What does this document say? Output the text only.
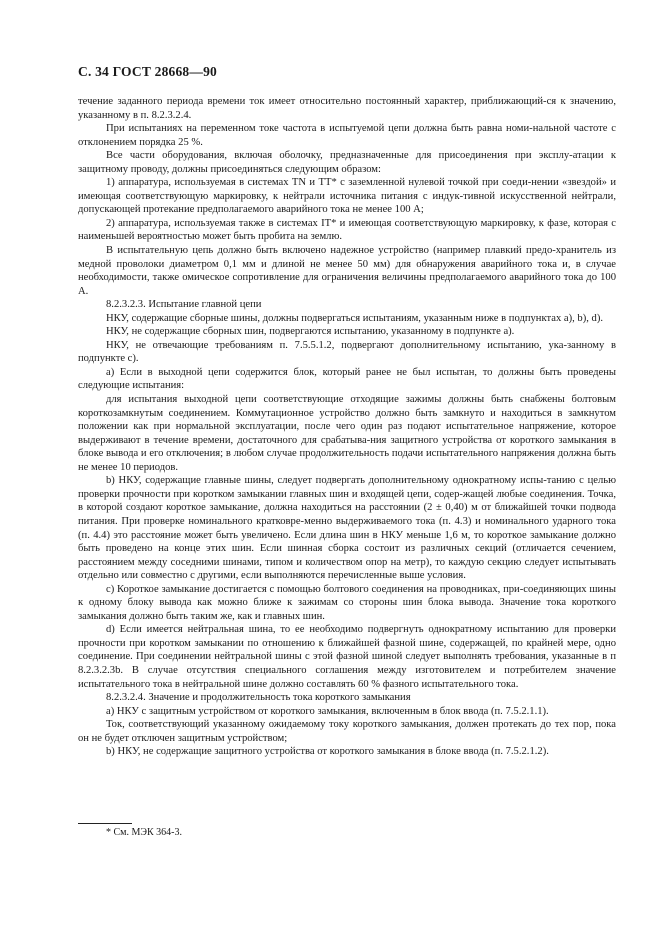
С. 34 ГОСТ 28668—90

течение заданного периода времени ток имеет относительно постоянный характер, приближающий-ся к значению, указанному в п. 8.2.3.2.4.

При испытаниях на переменном токе частота в испытуемой цепи должна быть равна номи-нальной частоте с отклонением порядка 25 %.

Все части оборудования, включая оболочку, предназначенные для присоединения при эксплу-атации к защитному проводу, должны присоединяться следующим образом:

1) аппаратура, используемая в системах TN и TT* с заземленной нулевой точкой при соеди-нении «звездой» и имеющая соответствующую маркировку, к нейтрали источника питания с индук-тивной искусственной нейтрали, допускающей протекание предполагаемого аварийного тока не менее 100 А;

2) аппаратура, используемая также в системах IT* и имеющая соответствующую маркировку, к фазе, которая с наименьшей вероятностью может быть пробита на землю.

В испытательную цепь должно быть включено надежное устройство (например плавкий предо-хранитель из медной проволоки диаметром 0,1 мм и длиной не менее 50 мм) для обнаружения аварийного тока и, в случае необходимости, также омическое сопротивление для ограничения величины предполагаемого аварийного тока до 100 А.

8.2.3.2.3. Испытание главной цепи

НКУ, содержащие сборные шины, должны подвергаться испытаниям, указанным ниже в подпунктах а), b), d).

НКУ, не содержащие сборных шин, подвергаются испытанию, указанному в подпункте а).

НКУ, не отвечающие требованиям п. 7.5.5.1.2, подвергают дополнительному испытанию, ука-занному в подпункте с).

а) Если в выходной цепи содержится блок, который ранее не был испытан, то должны быть проведены следующие испытания:

для испытания выходной цепи соответствующие отходящие зажимы должны быть снабжены болтовым короткозамкнутым соединением. Коммутационное устройство должно быть замкнуто и находиться в замкнутом положении как при нормальной эксплуатации, после чего один раз подают испытательное напряжение, которое выдерживают в течение времени, достаточного для срабатыва-ния защитного устройства от короткого замыкания в блоке вывода и его отключения; в любом случае продолжительность подачи испытательного напряжения должна быть не менее 10 периодов.

b) НКУ, содержащие главные шины, следует подвергать дополнительному однократному испы-танию с целью проверки прочности при коротком замыкании главных шин и входящей цепи, содер-жащей любые соединения. Точка, в которой создают короткое замыкание, должна находиться на расстоянии (2 ± 0,40) м от ближайшей точки подвода питания. При проверке номинального кратковре-менно выдерживаемого тока (п. 4.3) и номинального ударного тока (п. 4.4) это расстояние может быть увеличено. Если длина шин в НКУ меньше 1,6 м, то короткое замыкание должно быть проведено на конце этих шин. Если шинная сборка состоит из различных секций (отличается сечением, расстоянием между соседними шинами, типом и количеством опор на метр), то каждую секцию следует испытывать отдельно или совместно с другими, если выполняются перечисленные выше условия.

с) Короткое замыкание достигается с помощью болтового соединения на проводниках, при-соединяющих шины к одному блоку вывода как можно ближе к зажимам со стороны шин блока вывода. Значение тока короткого замыкания должно быть таким же, как и главных шин.

d) Если имеется нейтральная шина, то ее необходимо подвергнуть однократному испытанию для проверки прочности при коротком замыкании по отношению к ближайшей фазной шине, содержащей, по крайней мере, одно соединение. При соединении нейтральной шины с этой фазной шиной следует выполнять требования, указанные в п 8.2.3.2.3b. В случае отсутствия специального соглашения между изготовителем и потребителем значение испытательного тока в нейтральной шине должно составлять 60 % фазного испытательного тока.

8.2.3.2.4. Значение и продолжительность тока короткого замыкания

а) НКУ с защитным устройством от короткого замыкания, включенным в блок ввода (п. 7.5.2.1.1).

Ток, соответствующий указанному ожидаемому току короткого замыкания, должен протекать до тех пор, пока он не будет отключен защитным устройством;

b) НКУ, не содержащие защитного устройства от короткого замыкания в блоке ввода (п. 7.5.2.1.2).

* См. МЭК 364-3.
